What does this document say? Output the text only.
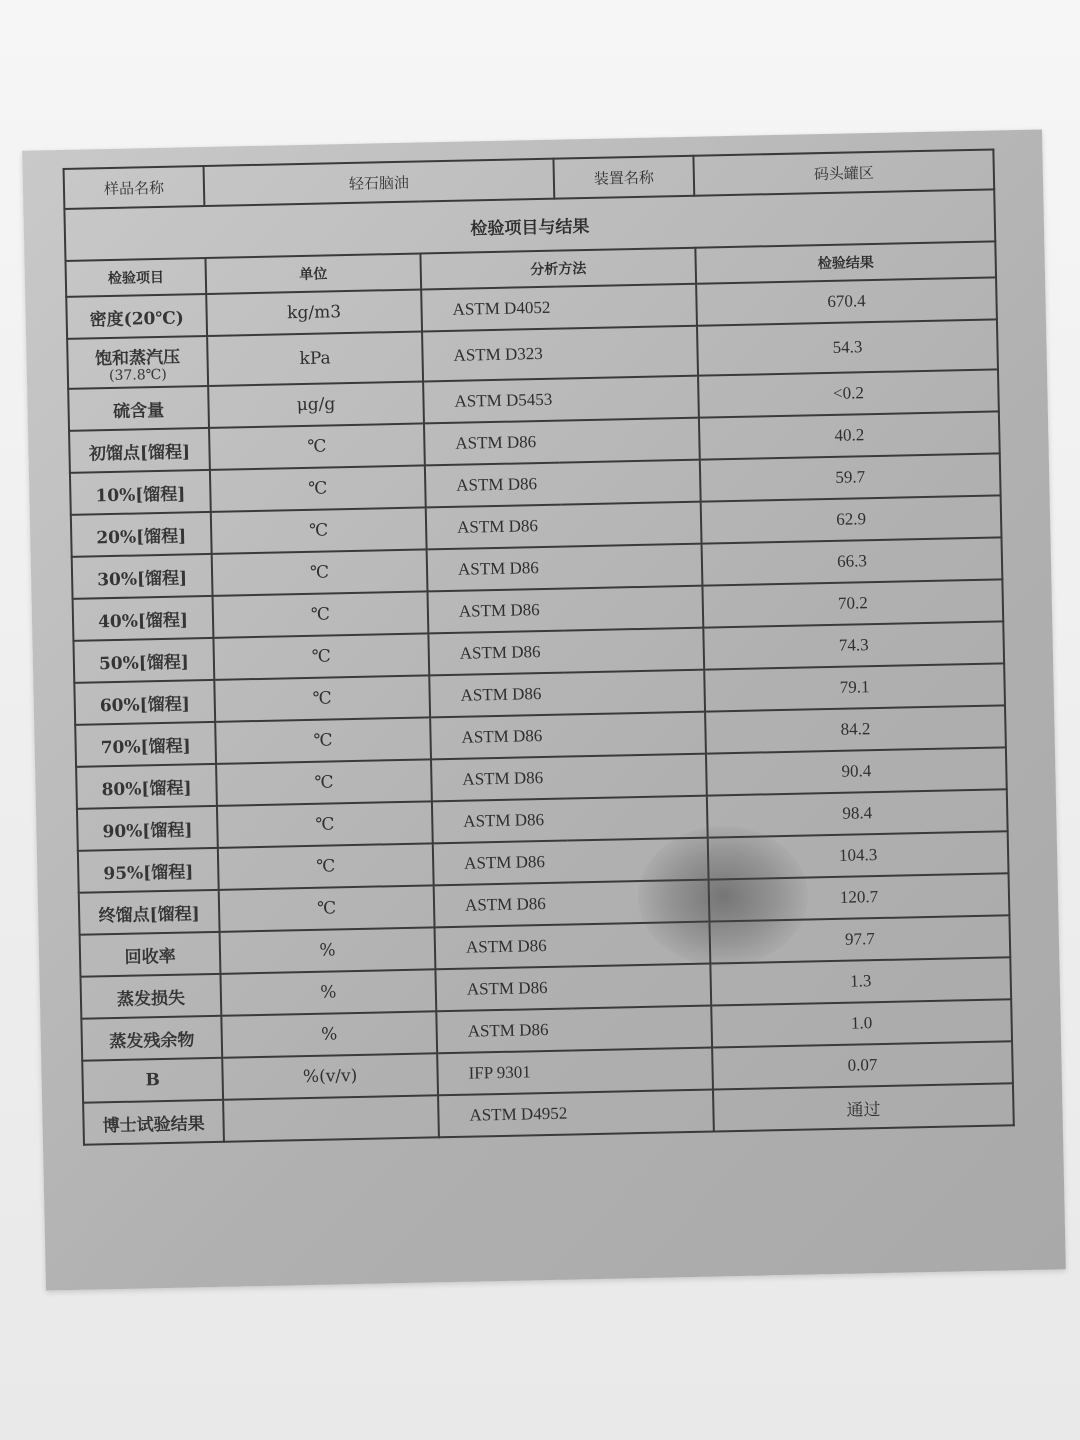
样品名称	轻石脑油		装置名称	码头罐区
检验项目与结果				
检验项目	单位	分析方法		检验结果
密度(20℃)	kg/m3	ASTM D4052		670.4
饱和蒸汽压
(37.8℃)	kPa	ASTM D323		54.3
硫含量	μg/g	ASTM D5453		<0.2
初馏点[馏程]	℃	ASTM D86		40.2
10%[馏程]	℃	ASTM D86		59.7
20%[馏程]	℃	ASTM D86		62.9
30%[馏程]	℃	ASTM D86		66.3
40%[馏程]	℃	ASTM D86		70.2
50%[馏程]	℃	ASTM D86		74.3
60%[馏程]	℃	ASTM D86		79.1
70%[馏程]	℃	ASTM D86		84.2
80%[馏程]	℃	ASTM D86		90.4
90%[馏程]	℃	ASTM D86		98.4
95%[馏程]	℃	ASTM D86		104.3
终馏点[馏程]	℃	ASTM D86		120.7
回收率	%	ASTM D86		97.7
蒸发损失	%	ASTM D86		1.3
蒸发残余物	%	ASTM D86		1.0
B	%(v/v)	IFP 9301		0.07
博士试验结果		ASTM D4952		通过
